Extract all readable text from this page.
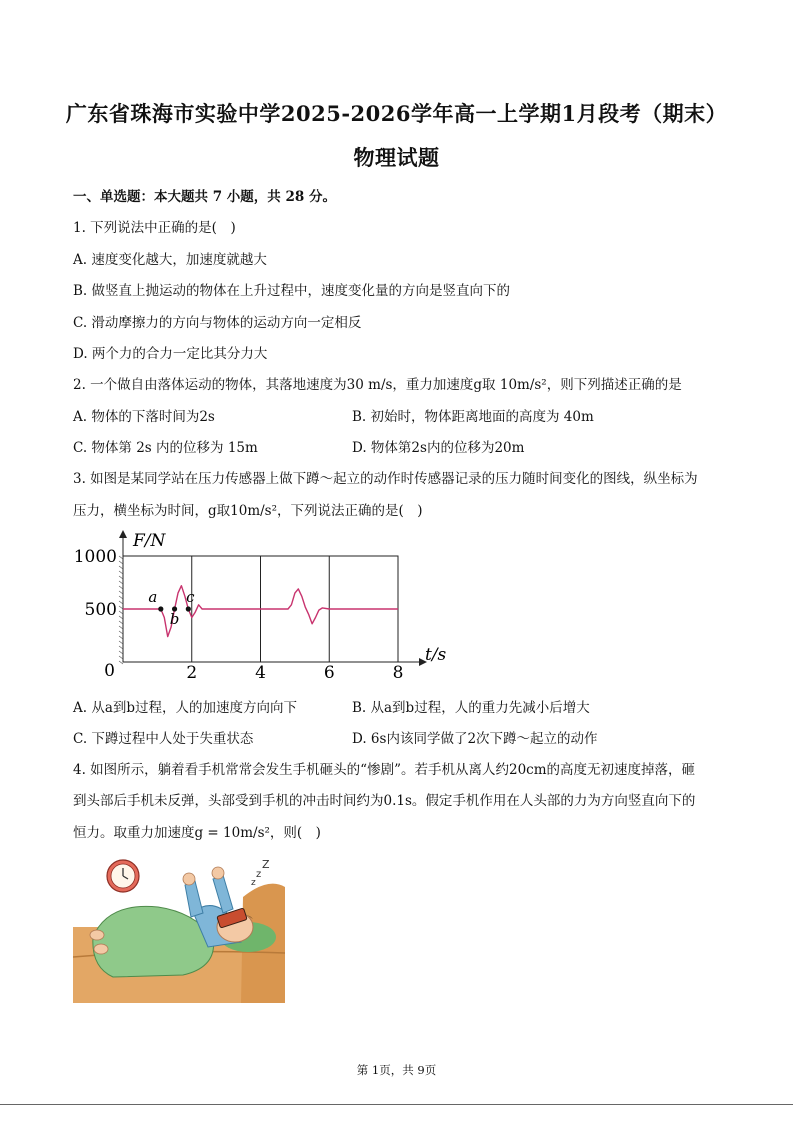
广东省珠海市实验中学2025-2026学年高一上学期1月段考（期末）
物理试题
一、单选题：本大题共 7 小题，共 28 分。
1. 下列说法中正确的是(　)
A. 速度变化越大，加速度就越大
B. 做竖直上抛运动的物体在上升过程中，速度变化量的方向是竖直向下的
C. 滑动摩擦力的方向与物体的运动方向一定相反
D. 两个力的合力一定比其分力大
2. 一个做自由落体运动的物体，其落地速度为30 m/s，重力加速度g取 10m/s²，则下列描述正确的是
A. 物体的下落时间为2s	B. 初始时，物体距离地面的高度为 40m
C. 物体第 2s 内的位移为 15m	D. 物体第2s内的位移为20m
3. 如图是某同学站在压力传感器上做下蹲～起立的动作时传感器记录的压力随时间变化的图线，纵坐标为
压力，横坐标为时间，g取10m/s²，下列说法正确的是(　)
1000
500
0	2	4	6	8
F/N
t/s
a
b
c
A. 从a到b过程，人的加速度方向向下	B. 从a到b过程，人的重力先减小后增大
C. 下蹲过程中人处于失重状态	D. 6s内该同学做了2次下蹲～起立的动作
4. 如图所示，躺着看手机常常会发生手机砸头的“惨剧”。若手机从离人约20cm的高度无初速度掉落，砸
到头部后手机未反弹，头部受到手机的冲击时间约为0.1s。假定手机作用在人头部的力为方向竖直向下的
恒力。取重力加速度g = 10m/s²，则(　)
z
z
Z
第 1页，共 9页
